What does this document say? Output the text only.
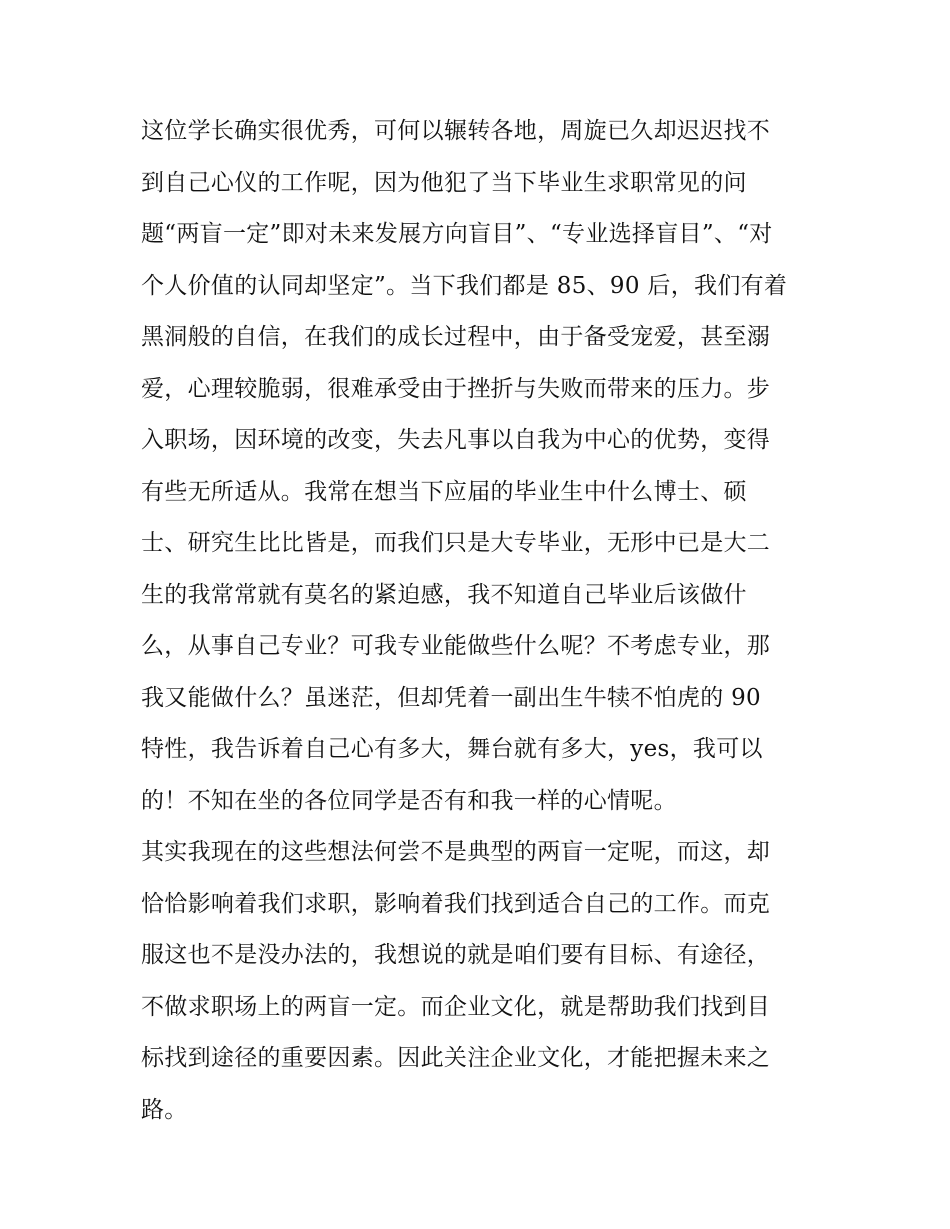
这位学长确实很优秀，可何以辗转各地，周旋已久却迟迟找不
到自己心仪的工作呢，因为他犯了当下毕业生求职常见的问
题“两盲一定”即对未来发展方向盲目”、“专业选择盲目”、“对
个人价值的认同却坚定”。当下我们都是 85、90 后，我们有着
黑洞般的自信，在我们的成长过程中，由于备受宠爱，甚至溺
爱，心理较脆弱，很难承受由于挫折与失败而带来的压力。步
入职场，因环境的改变，失去凡事以自我为中心的优势，变得
有些无所适从。我常在想当下应届的毕业生中什么博士、硕
士、研究生比比皆是，而我们只是大专毕业，无形中已是大二
生的我常常就有莫名的紧迫感，我不知道自己毕业后该做什
么，从事自己专业？可我专业能做些什么呢？不考虑专业，那
我又能做什么？虽迷茫，但却凭着一副出生牛犊不怕虎的 90
特性，我告诉着自己心有多大，舞台就有多大，yes，我可以
的！不知在坐的各位同学是否有和我一样的心情呢。
其实我现在的这些想法何尝不是典型的两盲一定呢，而这，却
恰恰影响着我们求职，影响着我们找到适合自己的工作。而克
服这也不是没办法的，我想说的就是咱们要有目标、有途径，
不做求职场上的两盲一定。而企业文化，就是帮助我们找到目
标找到途径的重要因素。因此关注企业文化，才能把握未来之
路。
